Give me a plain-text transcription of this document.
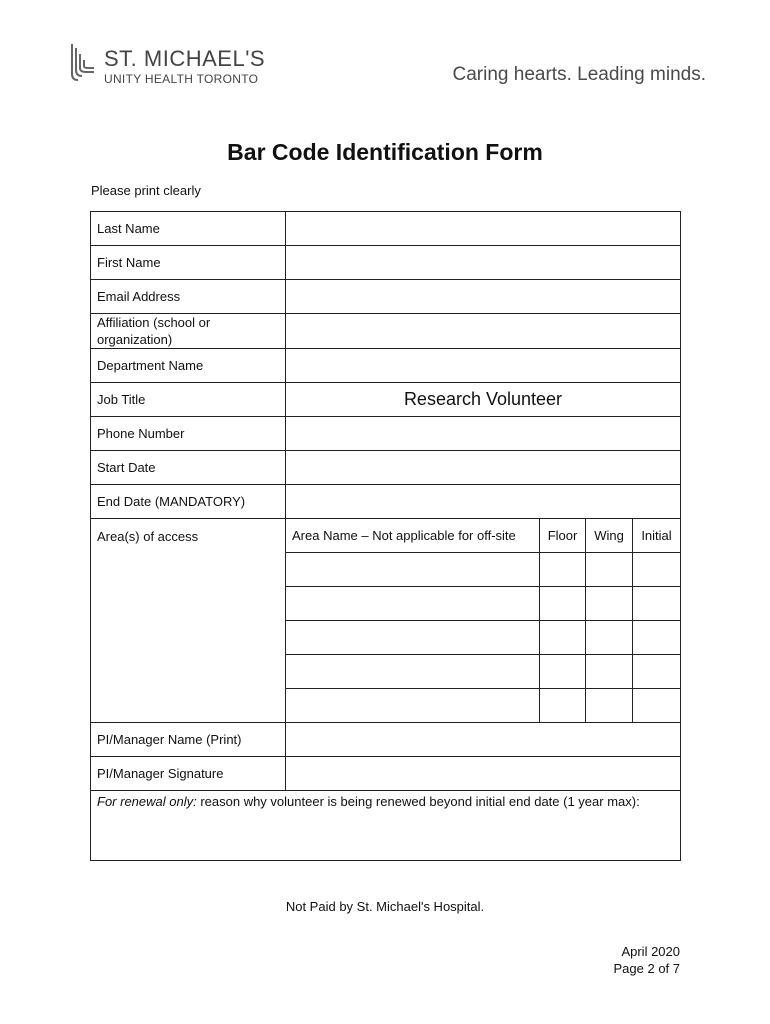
ST. MICHAEL'S
UNITY HEALTH TORONTO	Caring hearts. Leading minds.
Bar Code Identification Form
Please print clearly
Last Name				
First Name				
Email Address				
Affiliation (school or organization)				
Department Name				
Job Title	Research Volunteer			
Phone Number				
Start Date				
End Date (MANDATORY)				
Area(s) of access	Area Name – Not applicable for off-site	Floor	Wing	Initial

PI/Manager Name (Print)				
PI/Manager Signature				
For renewal only: reason why volunteer is being renewed beyond initial end date (1 year max):				
Not Paid by St. Michael's Hospital.
April 2020
Page 2 of 7
